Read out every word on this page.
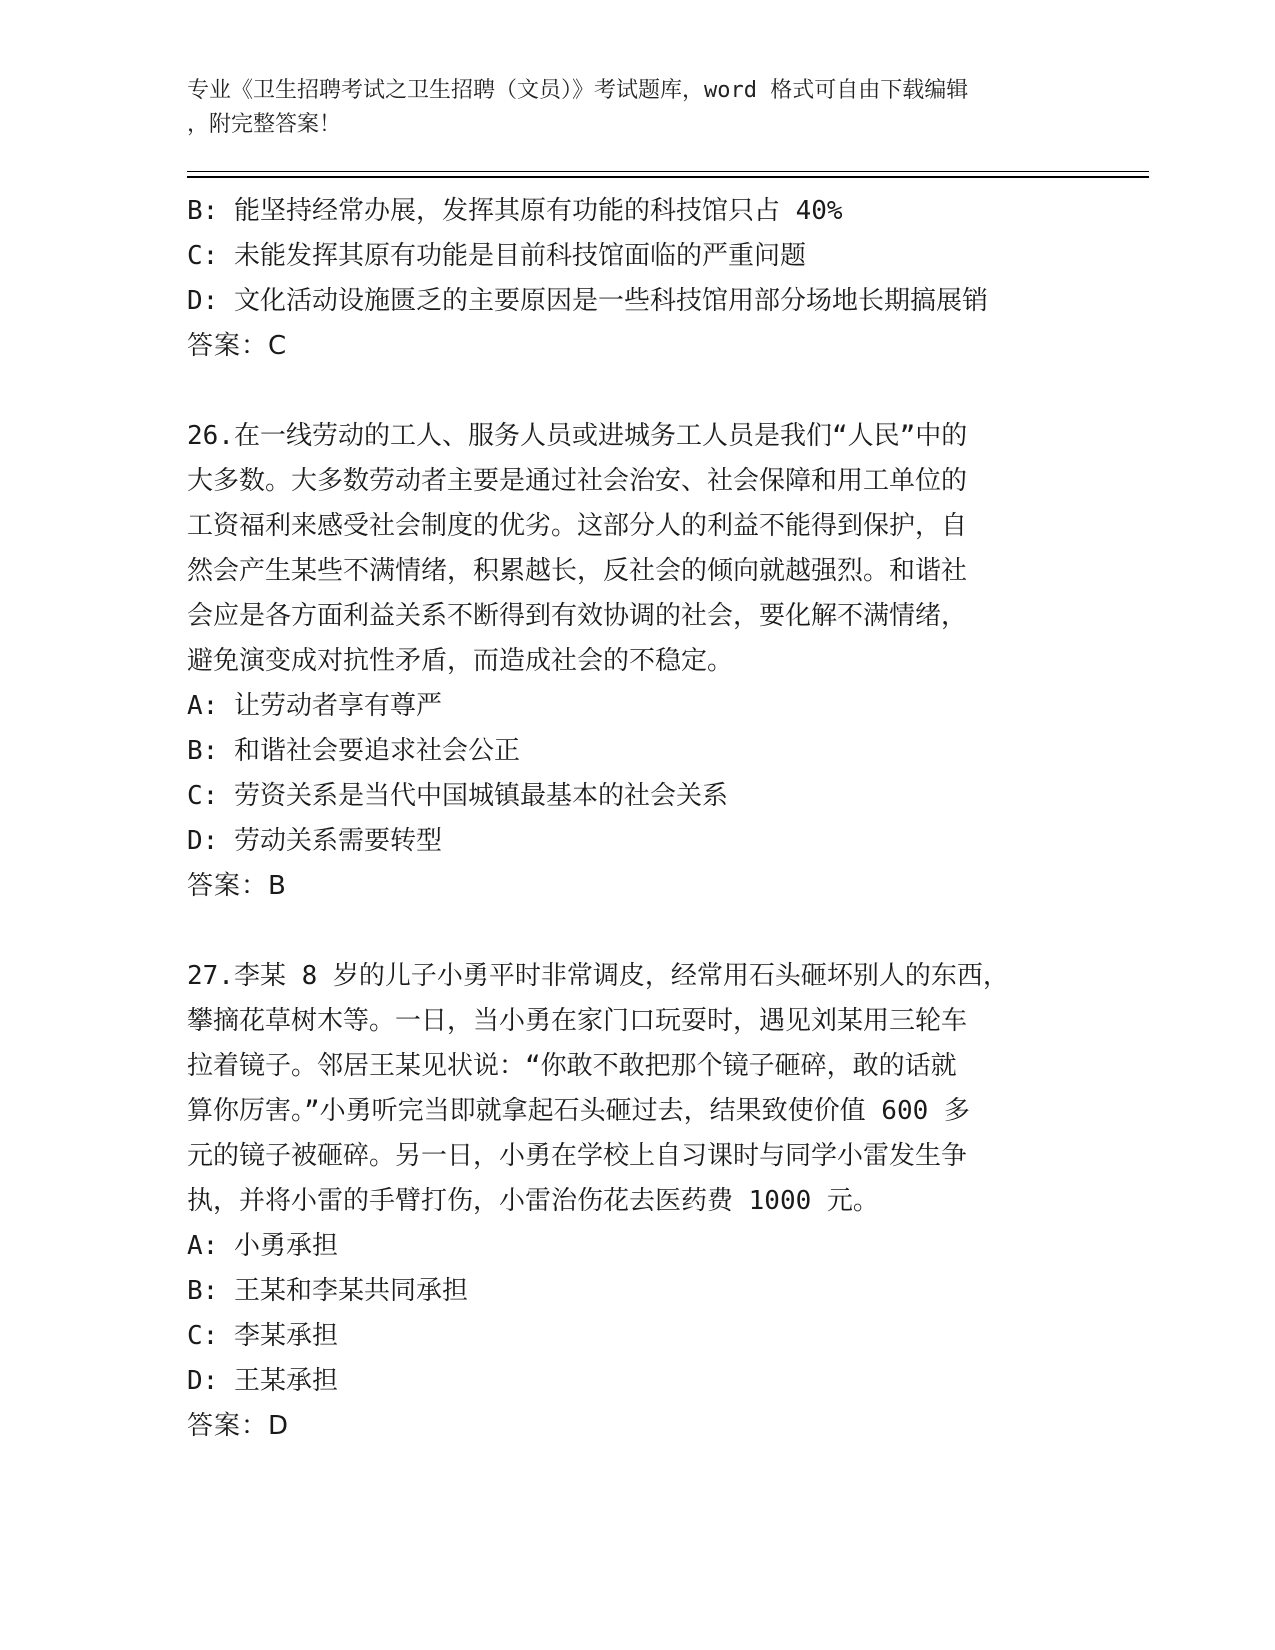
专业《卫生招聘考试之卫生招聘（文员）》考试题库，word 格式可自由下载编辑
，附完整答案！
B: 能坚持经常办展，发挥其原有功能的科技馆只占 40%
C: 未能发挥其原有功能是目前科技馆面临的严重问题
D: 文化活动设施匮乏的主要原因是一些科技馆用部分场地长期搞展销
答案：C
26.在一线劳动的工人、服务人员或进城务工人员是我们“人民”中的
大多数。大多数劳动者主要是通过社会治安、社会保障和用工单位的
工资福利来感受社会制度的优劣。这部分人的利益不能得到保护，自
然会产生某些不满情绪，积累越长，反社会的倾向就越强烈。和谐社
会应是各方面利益关系不断得到有效协调的社会，要化解不满情绪，
避免演变成对抗性矛盾，而造成社会的不稳定。
A: 让劳动者享有尊严
B: 和谐社会要追求社会公正
C: 劳资关系是当代中国城镇最基本的社会关系
D: 劳动关系需要转型
答案：B
27.李某 8 岁的儿子小勇平时非常调皮，经常用石头砸坏别人的东西，
攀摘花草树木等。一日，当小勇在家门口玩耍时，遇见刘某用三轮车
拉着镜子。邻居王某见状说：“你敢不敢把那个镜子砸碎，敢的话就
算你厉害。”小勇听完当即就拿起石头砸过去，结果致使价值 600 多
元的镜子被砸碎。另一日，小勇在学校上自习课时与同学小雷发生争
执，并将小雷的手臂打伤，小雷治伤花去医药费 1000 元。
A: 小勇承担
B: 王某和李某共同承担
C: 李某承担
D: 王某承担
答案：D
